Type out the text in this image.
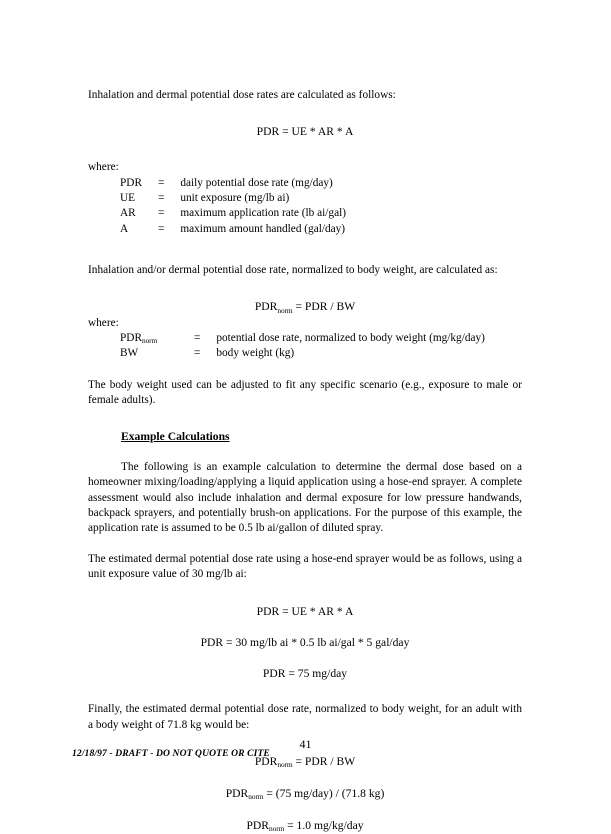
Inhalation and dermal potential dose rates are calculated as follows:

PDR = UE * AR * A

where:

PDR	=	daily potential dose rate (mg/day)
UE	=	unit exposure (mg/lb ai)
AR	=	maximum application rate (lb ai/gal)
A	=	maximum amount handled (gal/day)

Inhalation and/or dermal potential dose rate, normalized to body weight, are calculated as:

$PDR_{norm}$ = PDR / BW

where:

$PDR_{norm}$	=	potential dose rate, normalized to body weight (mg/kg/day)
BW	=	body weight (kg)

The body weight used can be adjusted to fit any specific scenario (e.g., exposure to male or female adults).

Example Calculations

The following is an example calculation to determine the dermal dose based on a homeowner mixing/loading/applying a liquid application using a hose-end sprayer. A complete assessment would also include inhalation and dermal exposure for low pressure handwands, backpack sprayers, and potentially brush-on applications. For the purpose of this example, the application rate is assumed to be 0.5 lb ai/gallon of diluted spray.

The estimated dermal potential dose rate using a hose-end sprayer would be as follows, using a unit exposure value of 30 mg/lb ai:

PDR = UE * AR * A

PDR = 30 mg/lb ai * 0.5 lb ai/gal * 5 gal/day

PDR = 75 mg/day

Finally, the estimated dermal potential dose rate, normalized to body weight, for an adult with a body weight of 71.8 kg would be:

$PDR_{norm}$ = PDR / BW

$PDR_{norm} = (75$ mg/day) / (71.8 kg)

$PDR_{norm} = 1.0$ mg/kg/day

41
12/18/97 - DRAFT - DO NOT QUOTE OR CITE
